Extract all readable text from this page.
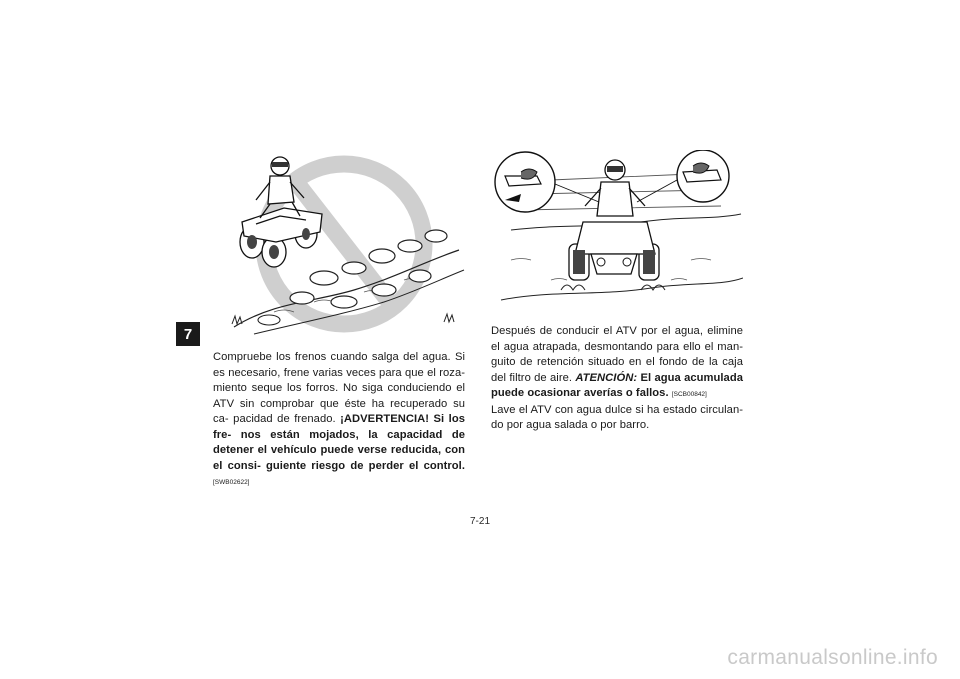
7

Compruebe los frenos cuando salga del agua. Si es necesario, frene varias veces para que el roza- miento seque los forros. No siga conduciendo el ATV sin comprobar que éste ha recuperado su ca- pacidad de frenado. ¡ADVERTENCIA! Si los fre- nos están mojados, la capacidad de detener el vehículo puede verse reducida, con el consi- guiente riesgo de perder el control. [SWB02622]

Después de conducir el ATV por el agua, elimine el agua atrapada, desmontando para ello el man- guito de retención situado en el fondo de la caja del filtro de aire. ATENCIÓN: El agua acumulada puede ocasionar averías o fallos. [SCB00842]

Lave el ATV con agua dulce si ha estado circulan- do por agua salada o por barro.

7-21
carmanualsonline.info
